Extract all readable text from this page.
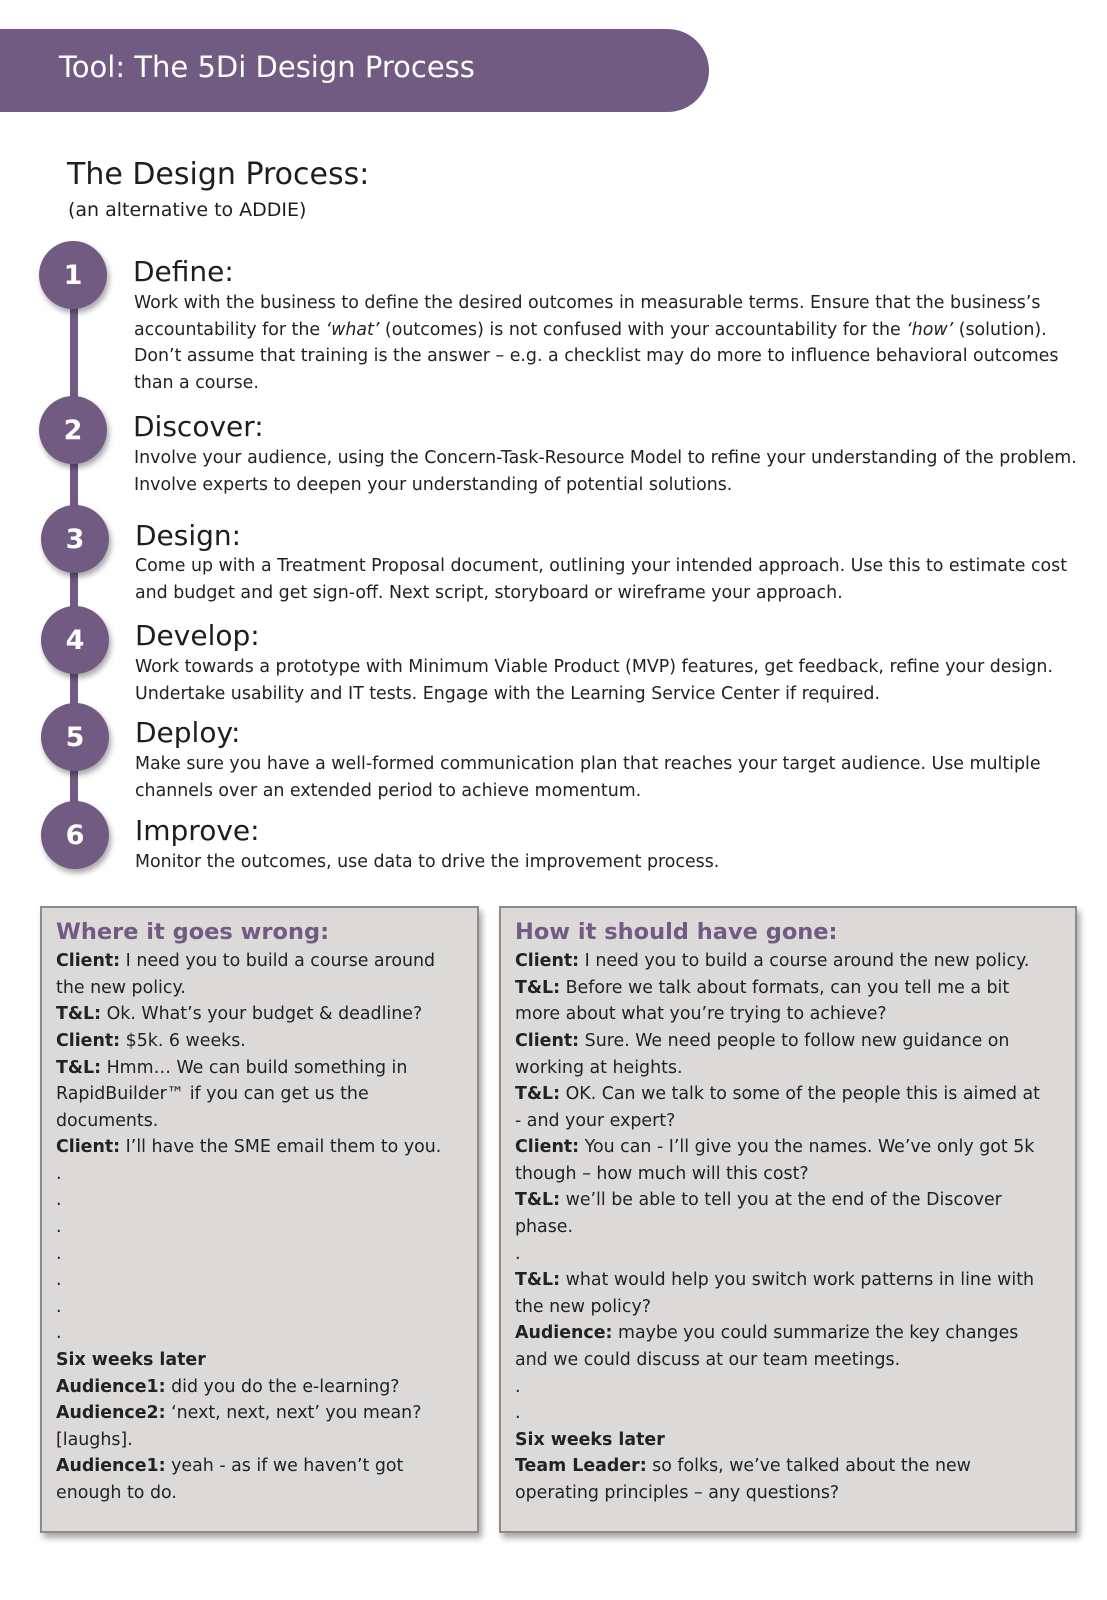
Tool: The 5Di Design Process
The Design Process:

(an alternative to ADDIE)

1	Define:

Work with the business to define the desired outcomes in measurable terms. Ensure that the business’s accountability for the ‘what’ (outcomes) is not confused with your accountability for the ‘how’ (solution). Don’t assume that training is the answer – e.g. a checklist may do more to influence behavioral outcomes than a course.

2	Discover:

Involve your audience, using the Concern-Task-Resource Model to refine your understanding of the problem. Involve experts to deepen your understanding of potential solutions.

3	Design:

Come up with a Treatment Proposal document, outlining your intended approach. Use this to estimate cost and budget and get sign-off. Next script, storyboard or wireframe your approach.

4	Develop:

Work towards a prototype with Minimum Viable Product (MVP) features, get feedback, refine your design. Undertake usability and IT tests. Engage with the Learning Service Center if required.

5	Deploy:

Make sure you have a well-formed communication plan that reaches your target audience. Use multiple channels over an extended period to achieve momentum.

6	Improve:

Monitor the outcomes, use data to drive the improvement process.

Where it goes wrong:

Client: I need you to build a course around

the new policy.

T&L: Ok. What’s your budget & deadline?

Client: $5k. 6 weeks.

T&L: Hmm… We can build something in

RapidBuilder™ if you can get us the

documents.

Client: I’ll have the SME email them to you.

.

.

.

.

.

.

.

Six weeks later

Audience1: did you do the e-learning?

Audience2: ‘next, next, next’ you mean?

[laughs].

Audience1: yeah - as if we haven’t got

enough to do.

How it should have gone:

Client: I need you to build a course around the new policy.

T&L: Before we talk about formats, can you tell me a bit

more about what you’re trying to achieve?

Client: Sure. We need people to follow new guidance on

working at heights.

T&L: OK. Can we talk to some of the people this is aimed at

- and your expert?

Client: You can - I’ll give you the names. We’ve only got 5k

though – how much will this cost?

T&L: we’ll be able to tell you at the end of the Discover

phase.

.

T&L: what would help you switch work patterns in line with

the new policy?

Audience: maybe you could summarize the key changes

and we could discuss at our team meetings.

.

.

Six weeks later

Team Leader: so folks, we’ve talked about the new

operating principles – any questions?
